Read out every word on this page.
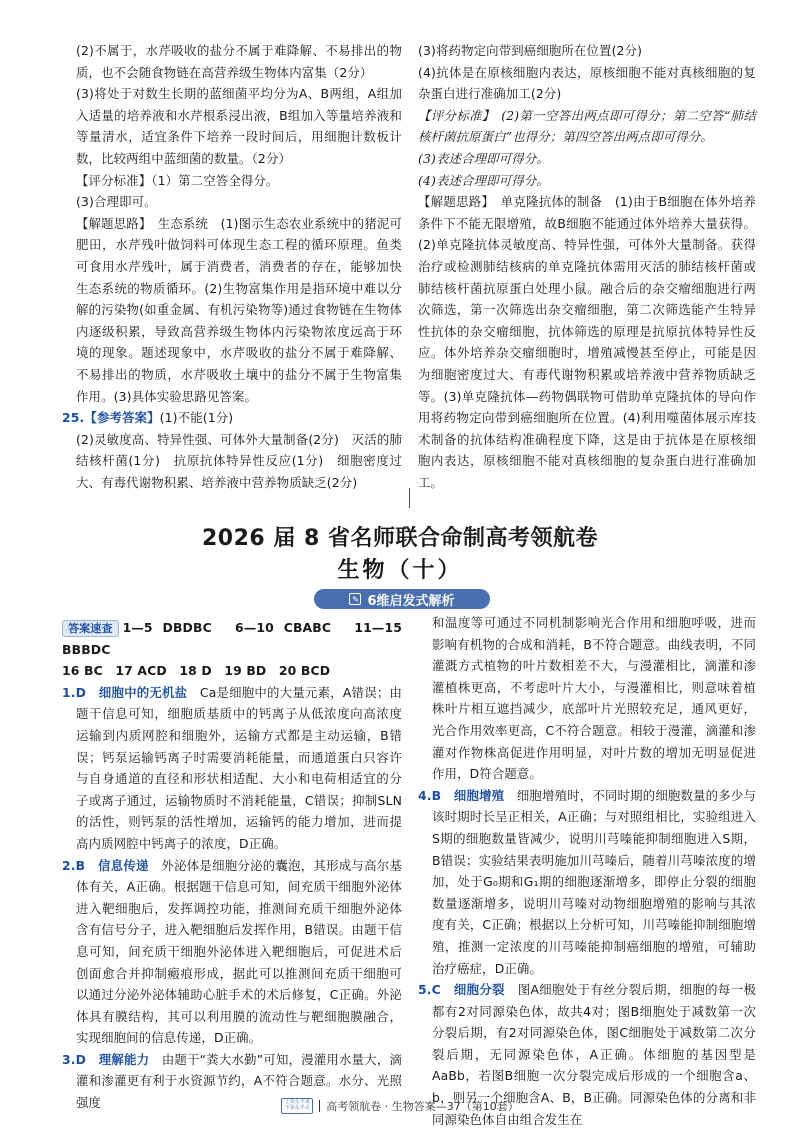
(2)不属于，水芹吸收的盐分不属于难降解、不易排出的物质，也不会随食物链在高营养级生物体内富集（2分）

(3)将处于对数生长期的蓝细菌平均分为A、B两组，A组加入适量的培养液和水芹根系浸出液，B组加入等量培养液和等量清水，适宜条件下培养一段时间后，用细胞计数板计数，比较两组中蓝细菌的数量。（2分）

【评分标准】（1）第二空答全得分。

(3)合理即可。

【解题思路】　生态系统　(1)图示生态农业系统中的猪泥可肥田，水芹残叶做饲料可体现生态工程的循环原理。鱼类可食用水芹残叶，属于消费者，消费者的存在，能够加快生态系统的物质循环。(2)生物富集作用是指环境中难以分解的污染物(如重金属、有机污染物等)通过食物链在生物体内逐级积累，导致高营养级生物体内污染物浓度远高于环境的现象。题述现象中，水芹吸收的盐分不属于难降解、不易排出的物质，水芹吸收土壤中的盐分不属于生物富集作用。(3)具体实验思路见答案。

25.【参考答案】(1)不能(1分)

(2)灵敏度高、特异性强、可体外大量制备(2分)　灭活的肺结核杆菌(1分)　抗原抗体特异性反应(1分)　细胞密度过大、有毒代谢物积累、培养液中营养物质缺乏(2分)

(3)将药物定向带到癌细胞所在位置(2分)

(4)抗体是在原核细胞内表达，原核细胞不能对真核细胞的复杂蛋白进行准确加工(2分)

【评分标准】　(2)第一空答出两点即可得分；第二空答“肺结核杆菌抗原蛋白”也得分；第四空答出两点即可得分。

(3)表述合理即可得分。

(4)表述合理即可得分。

【解题思路】　单克隆抗体的制备　(1)由于B细胞在体外培养条件下不能无限增殖，故B细胞不能通过体外培养大量获得。(2)单克隆抗体灵敏度高、特异性强，可体外大量制备。获得治疗或检测肺结核病的单克隆抗体需用灭活的肺结核杆菌或肺结核杆菌抗原蛋白处理小鼠。融合后的杂交瘤细胞进行两次筛选，第一次筛选出杂交瘤细胞，第二次筛选能产生特异性抗体的杂交瘤细胞，抗体筛选的原理是抗原抗体特异性反应。体外培养杂交瘤细胞时，增殖减慢甚至停止，可能是因为细胞密度过大、有毒代谢物积累或培养液中营养物质缺乏等。(3)单克隆抗体—药物偶联物可借助单克隆抗体的导向作用将药物定向带到癌细胞所在位置。(4)利用噬菌体展示库技术制备的抗体结构准确程度下降，这是由于抗体是在原核细胞内表达，原核细胞不能对真核细胞的复杂蛋白进行准确加工。

2026 届 8 省名师联合命制高考领航卷
生物（十）
✎ 6维启发式解析

答案速查 1—5 DBDBC　6—10 CBABC　11—15 BBBDC

16 BC　17 ACD　18 D　19 BD　20 BCD

1.D　 细胞中的无机盐　 Ca是细胞中的大量元素，A错误；由题干信息可知，细胞质基质中的钙离子从低浓度向高浓度运输到内质网腔和细胞外，运输方式都是主动运输，B错误；钙泵运输钙离子时需要消耗能量，而通道蛋白只容许与自身通道的直径和形状相适配、大小和电荷相适宜的分子或离子通过，运输物质时不消耗能量，C错误；抑制SLN的活性，则钙泵的活性增加，运输钙的能力增加，进而提高内质网腔中钙离子的浓度，D正确。

2.B　 信息传递　 外泌体是细胞分泌的囊泡，其形成与高尔基体有关，A正确。根据题干信息可知，间充质干细胞外泌体进入靶细胞后，发挥调控功能，推测间充质干细胞外泌体含有信号分子，进入靶细胞后发挥作用，B错误。由题干信息可知，间充质干细胞外泌体进入靶细胞后，可促进术后创面愈合并抑制瘢痕形成，据此可以推测间充质干细胞可以通过分泌外泌体辅助心脏手术的术后修复，C正确。外泌体具有膜结构，其可以利用膜的流动性与靶细胞膜融合，实现细胞间的信息传递，D正确。

3.D　 理解能力　 由题干“粪大水勤”可知，漫灌用水量大，滴灌和渗灌更有利于水资源节约，A不符合题意。水分、光照强度

和温度等可通过不同机制影响光合作用和细胞呼吸，进而影响有机物的合成和消耗，B不符合题意。曲线表明，不同灌溉方式植物的叶片数相差不大，与漫灌相比，滴灌和渗灌植株更高，不考虑叶片大小，与漫灌相比，则意味着植株叶片相互遮挡减少，底部叶片光照较充足，通风更好，光合作用效率更高，C不符合题意。相较于漫灌，滴灌和渗灌对作物株高促进作用明显，对叶片数的增加无明显促进作用，D符合题意。

4.B　 细胞增殖　 细胞增殖时，不同时期的细胞数量的多少与该时期时长呈正相关，A正确；与对照组相比，实验组进入S期的细胞数量皆减少，说明川芎嗪能抑制细胞进入S期，B错误；实验结果表明施加川芎嗪后，随着川芎嗪浓度的增加，处于G₀期和G₁期的细胞逐渐增多，即停止分裂的细胞数量逐渐增多，说明川芎嗪对动物细胞增殖的影响与其浓度有关，C正确；根据以上分析可知，川芎嗪能抑制细胞增殖，推测一定浓度的川芎嗪能抑制癌细胞的增殖，可辅助治疗癌症，D正确。

5.C　 细胞分裂　 图A细胞处于有丝分裂后期，细胞的每一极都有2对同源染色体，故共4对；图B细胞处于减数第一次分裂后期，有2对同源染色体，图C细胞处于减数第二次分裂后期，无同源染色体，A正确。体细胞的基因型是AaBb，若图B细胞一次分裂完成后形成的一个细胞含a、b，则另一个细胞含A、B，B正确。同源染色体的分离和非同源染色体自由组合发生在

上领头羊来
下领头羊走 高考领航卷 · 生物答案—37（第10套）
